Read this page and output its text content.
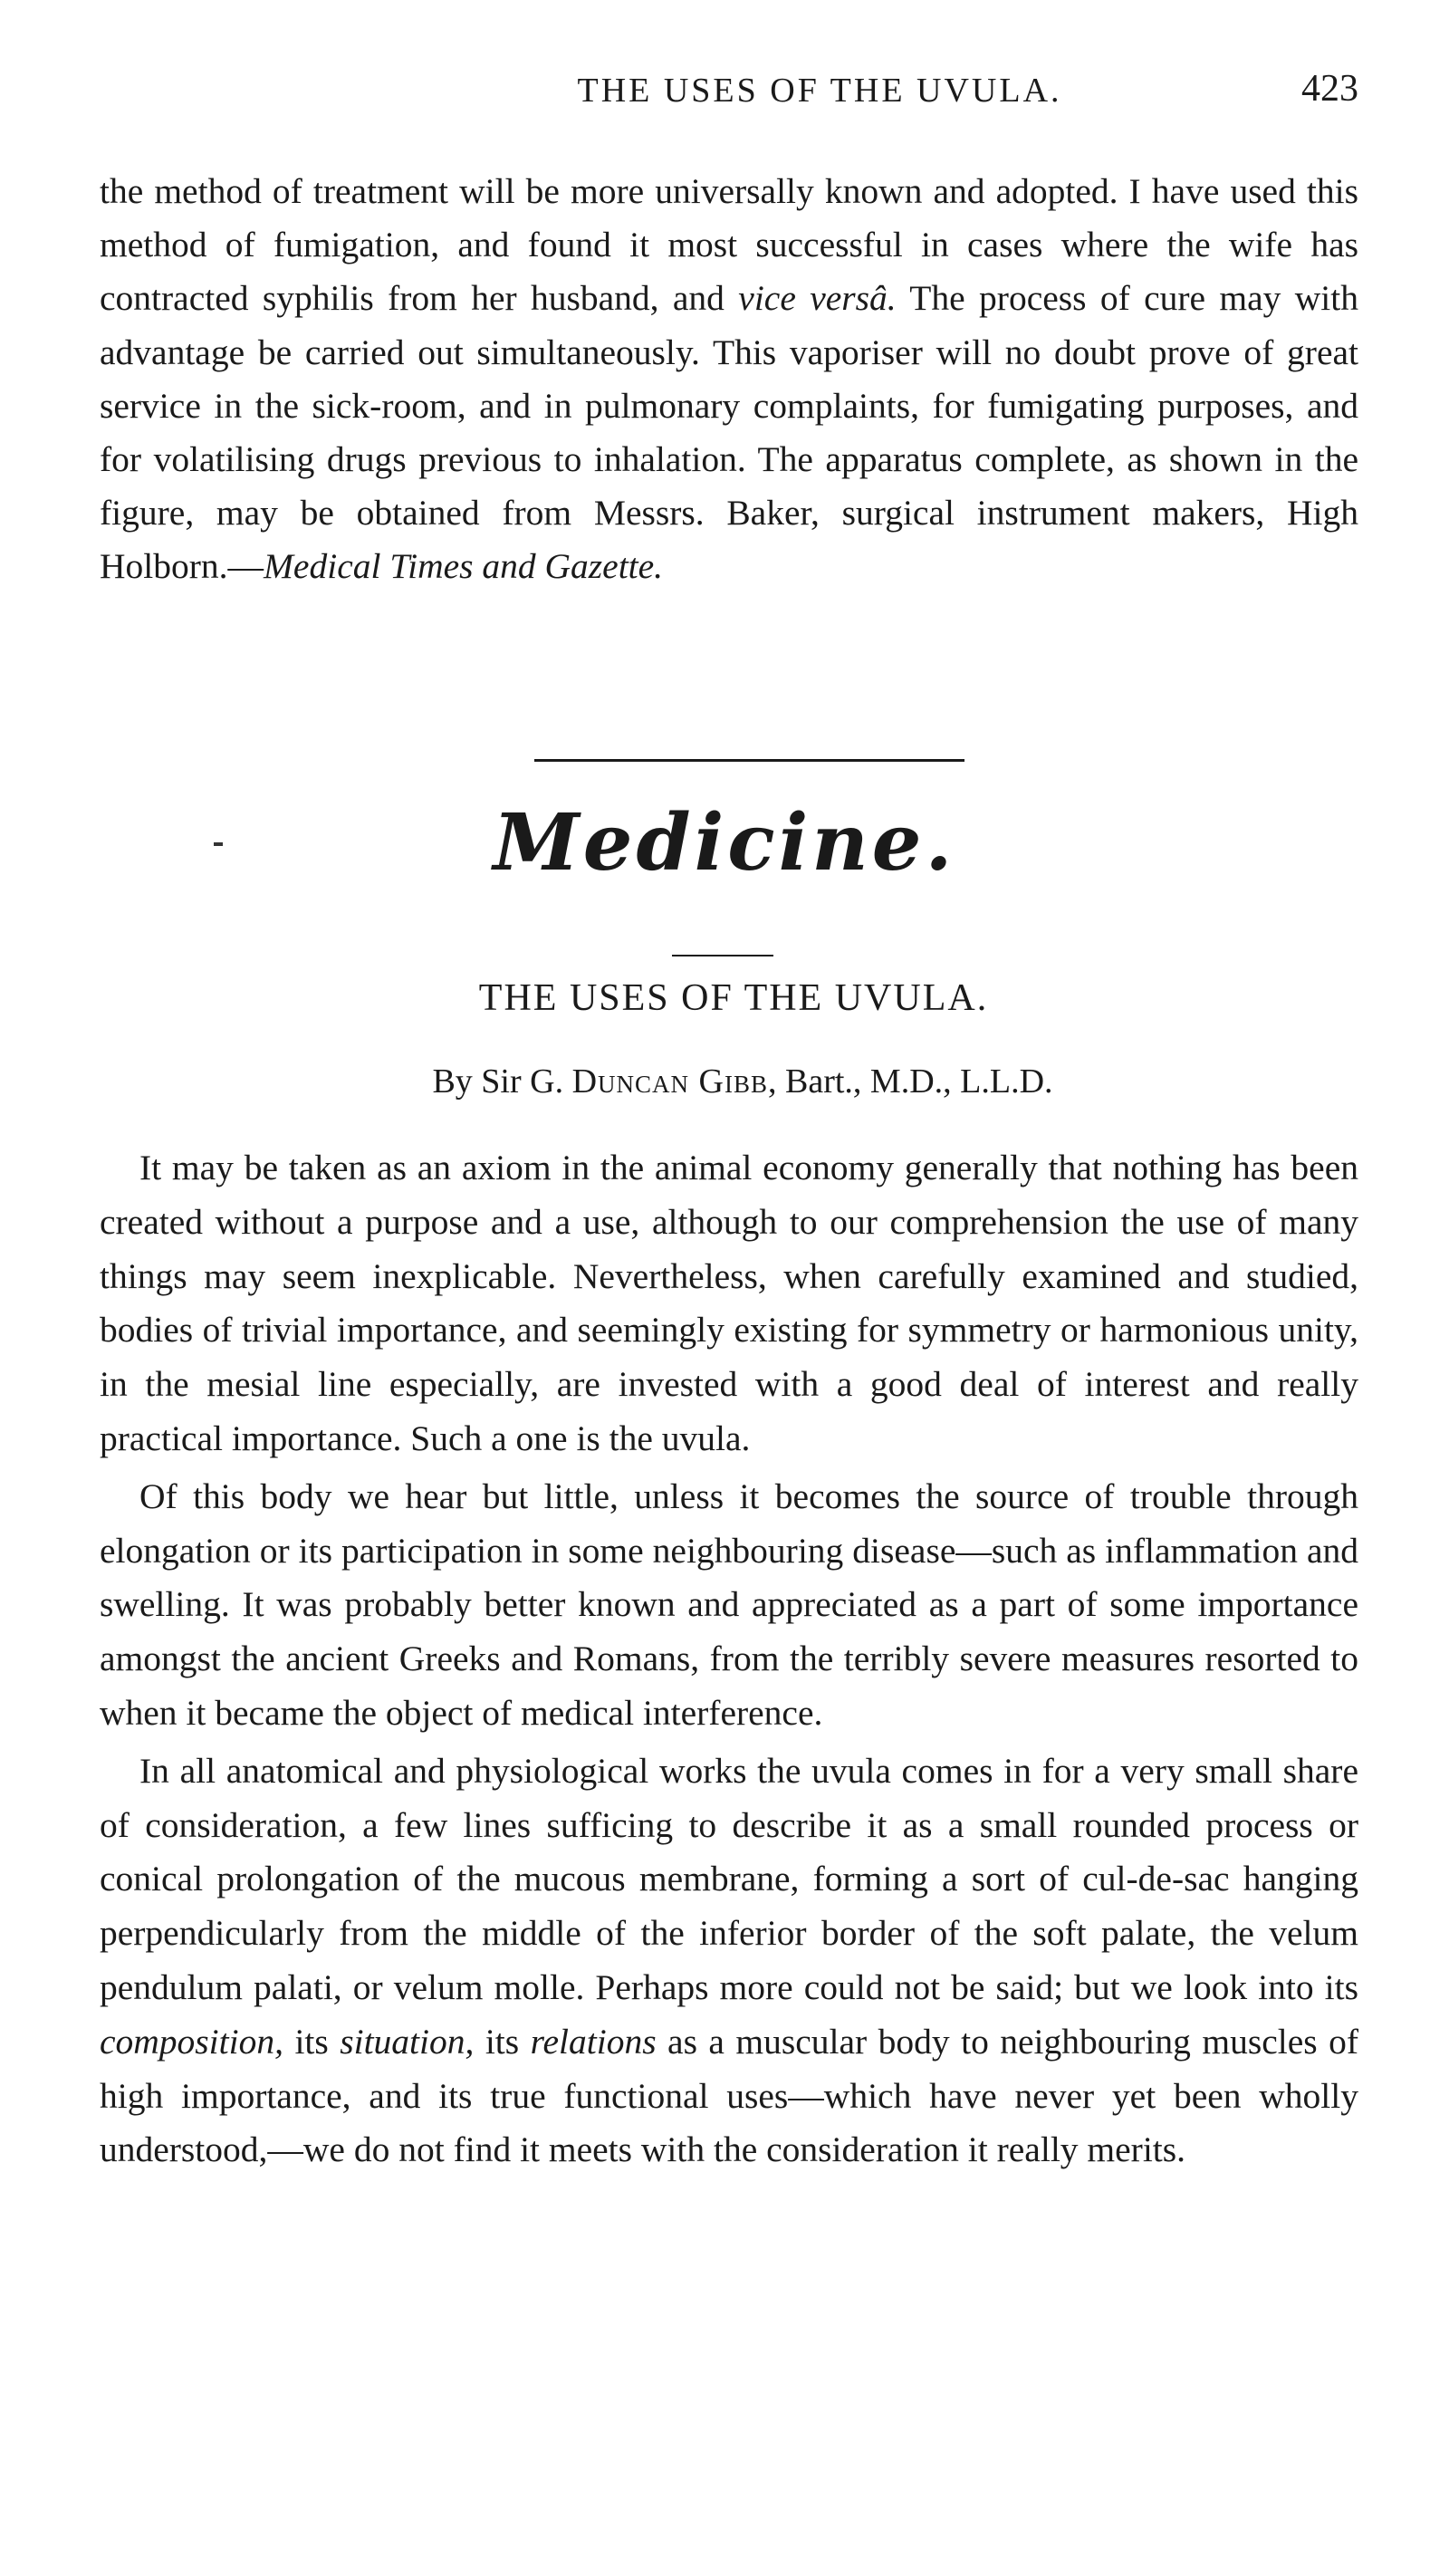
THE USES OF THE UVULA.	423

the method of treatment will be more universally known and adopted. I have used this method of fumigation, and found it most successful in cases where the wife has contracted syphilis from her husband, and vice versâ. The process of cure may with advantage be carried out simultaneously. This vaporiser will no doubt prove of great service in the sick-room, and in pulmonary complaints, for fumigating purposes, and for volatilising drugs previous to inhalation. The apparatus complete, as shown in the figure, may be obtained from Messrs. Baker, surgical instrument makers, High Holborn.—Medical Times and Gazette.

Medicine.
THE USES OF THE UVULA.
By Sir G. Duncan Gibb, Bart., M.D., L.L.D.

It may be taken as an axiom in the animal economy generally that nothing has been created without a purpose and a use, although to our comprehension the use of many things may seem inexplicable. Nevertheless, when carefully examined and studied, bodies of trivial importance, and seemingly existing for symmetry or harmonious unity, in the mesial line especially, are invested with a good deal of interest and really practical importance. Such a one is the uvula.

Of this body we hear but little, unless it becomes the source of trouble through elongation or its participation in some neighbouring disease—such as inflammation and swelling. It was probably better known and appreciated as a part of some importance amongst the ancient Greeks and Romans, from the terribly severe measures resorted to when it became the object of medical interference.

In all anatomical and physiological works the uvula comes in for a very small share of consideration, a few lines sufficing to describe it as a small rounded process or conical prolongation of the mucous membrane, forming a sort of cul-de-sac hanging perpendicularly from the middle of the inferior border of the soft palate, the velum pendulum palati, or velum molle. Perhaps more could not be said; but we look into its composition, its situation, its relations as a muscular body to neighbouring muscles of high importance, and its true functional uses—which have never yet been wholly understood,—we do not find it meets with the consideration it really merits.
